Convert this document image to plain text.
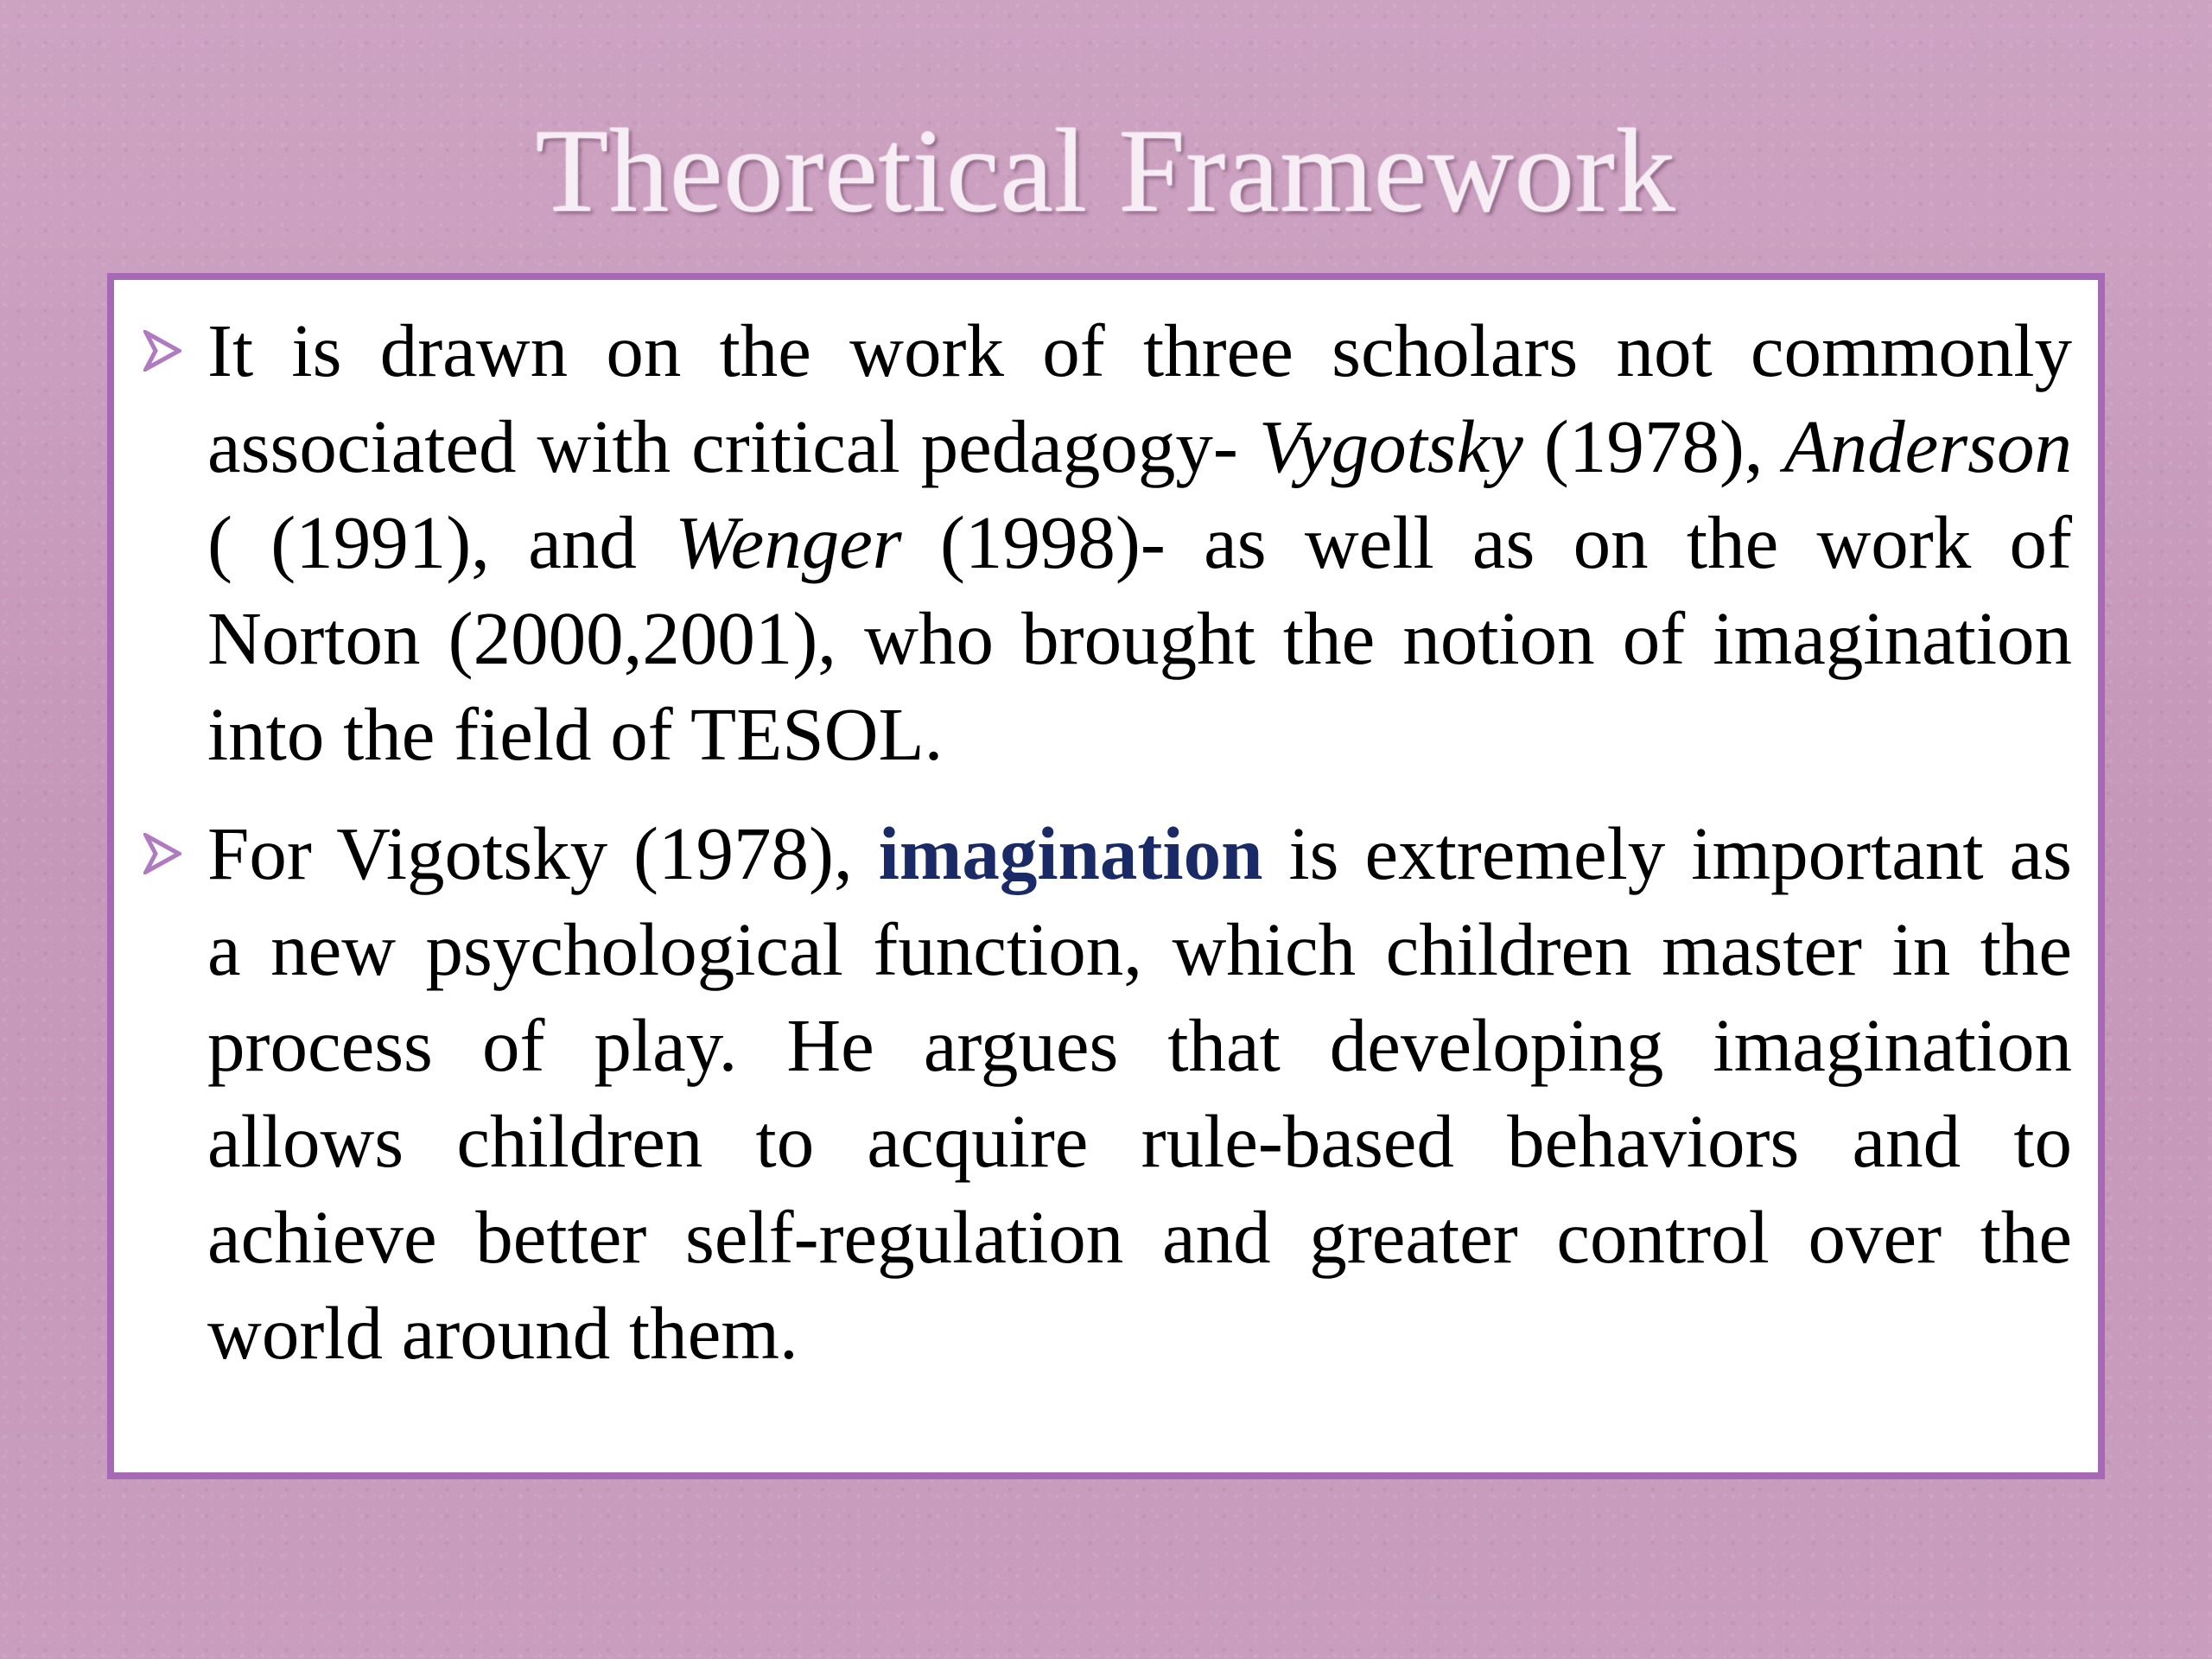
Theoretical Framework

It is drawn on the work of three scholars not commonly associated with critical pedagogy- Vygotsky (1978), Anderson ( (1991), and Wenger (1998)- as well as on the work of Norton (2000,2001), who brought the notion of imagination into the field of TESOL.

For Vigotsky (1978), imagination is extremely important as a new psychological function, which children master in the process of play. He argues that developing imagination allows children to acquire rule-based behaviors and to achieve better self-regulation and greater control over the world around them.
